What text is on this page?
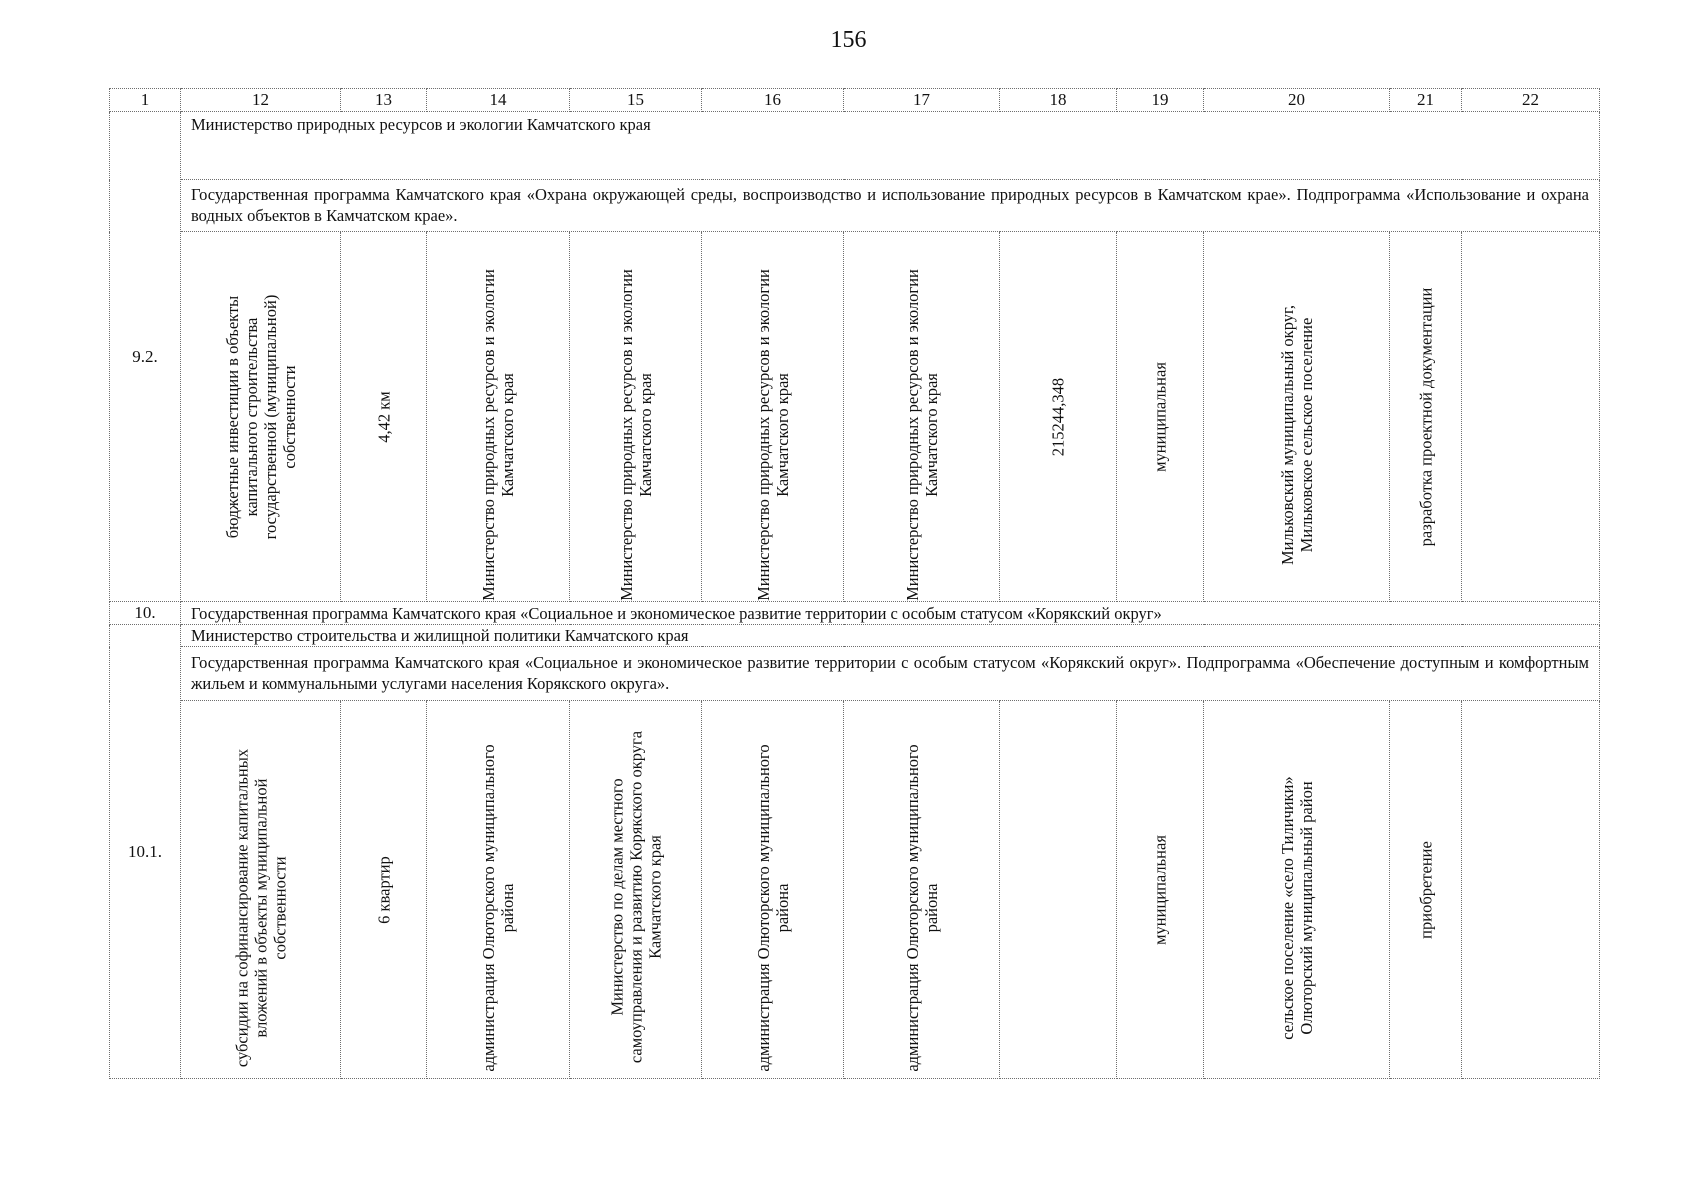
156
1	12	13	14	15	16	17	18	19	20	21	22
9.2.	Министерство природных ресурсов и экологии Камчатского края										
	Государственная программа Камчатского края «Охрана окружающей среды, воспроизводство и использование природных ресурсов в Камчатском крае». Подпрограмма «Использование и охрана водных объектов в Камчатском крае».										

	бюджетные инвестиции в объекты капитального строительства государственной (муниципальной) собственности	4,42 км	Министерство природных ресурсов и экологии Камчатского края	Министерство природных ресурсов и экологии Камчатского края	Министерство природных ресурсов и экологии Камчатского края	Министерство природных ресурсов и экологии Камчатского края	215244,348	муниципальная	Мильковский муниципальный округ, Мильковское сельское поселение	разработка проектной документации	

10.	Государственная программа Камчатского края «Социальное и экономическое развитие территории с особым статусом «Корякский округ»										
10.1.	Министерство строительства и жилищной политики Камчатского края										
	Государственная программа Камчатского края «Социальное и экономическое развитие территории с особым статусом «Корякский округ». Подпрограмма «Обеспечение доступным и комфортным жильем и коммунальными услугами населения Корякского округа».										

	субсидии на софинансирование капитальных вложений в объекты муниципальной собственности	6 квартир	администрация Олюторского муниципального района	Министерство по делам местного самоуправления и развитию Корякского округа Камчатского края	администрация Олюторского муниципального района	администрация Олюторского муниципального района		муниципальная	сельское поселение «село Тиличики» Олюторский муниципальный район	приобретение	
